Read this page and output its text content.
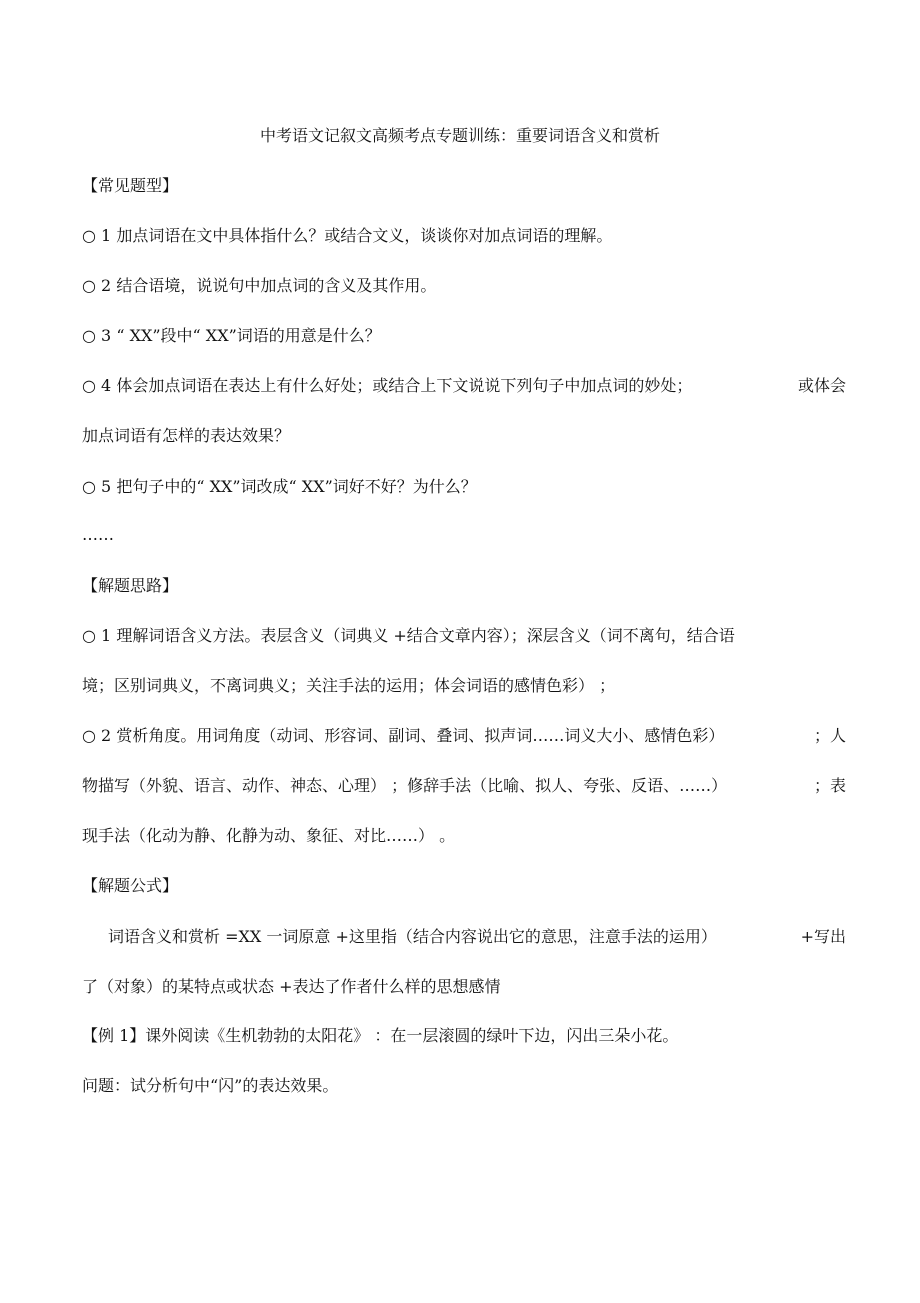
中考语文记叙文高频考点专题训练：重要词语含义和赏析
【常见题型】
○ 1 加点词语在文中具体指什么？或结合文义，谈谈你对加点词语的理解。
○ 2 结合语境，说说句中加点词的含义及其作用。
○ 3 “ XX”段中“ XX”词语的用意是什么？
○ 4 体会加点词语在表达上有什么好处；或结合上下文说说下列句子中加点词的妙处；	或体会
加点词语有怎样的表达效果？
○ 5 把句子中的“ XX”词改成“ XX”词好不好？为什么？
……
【解题思路】
○ 1 理解词语含义方法。表层含义（词典义 +结合文章内容）；深层含义（词不离句，结合语
境；区别词典义，不离词典义；关注手法的运用；体会词语的感情色彩） ；
○ 2 赏析角度。用词角度（动词、形容词、副词、叠词、拟声词……词义大小、感情色彩）	；人
物描写（外貌、语言、动作、神态、心理） ；修辞手法（比喻、拟人、夸张、反语、……）	；表
现手法（化动为静、化静为动、象征、对比……） 。
【解题公式】
词语含义和赏析 =XX 一词原意 +这里指（结合内容说出它的意思，注意手法的运用）	+写出
了（对象）的某特点或状态 +表达了作者什么样的思想感情
【例 1】课外阅读《生机勃勃的太阳花》 ：在一层滚圆的绿叶下边，闪出三朵小花。
问题：试分析句中“闪”的表达效果。
